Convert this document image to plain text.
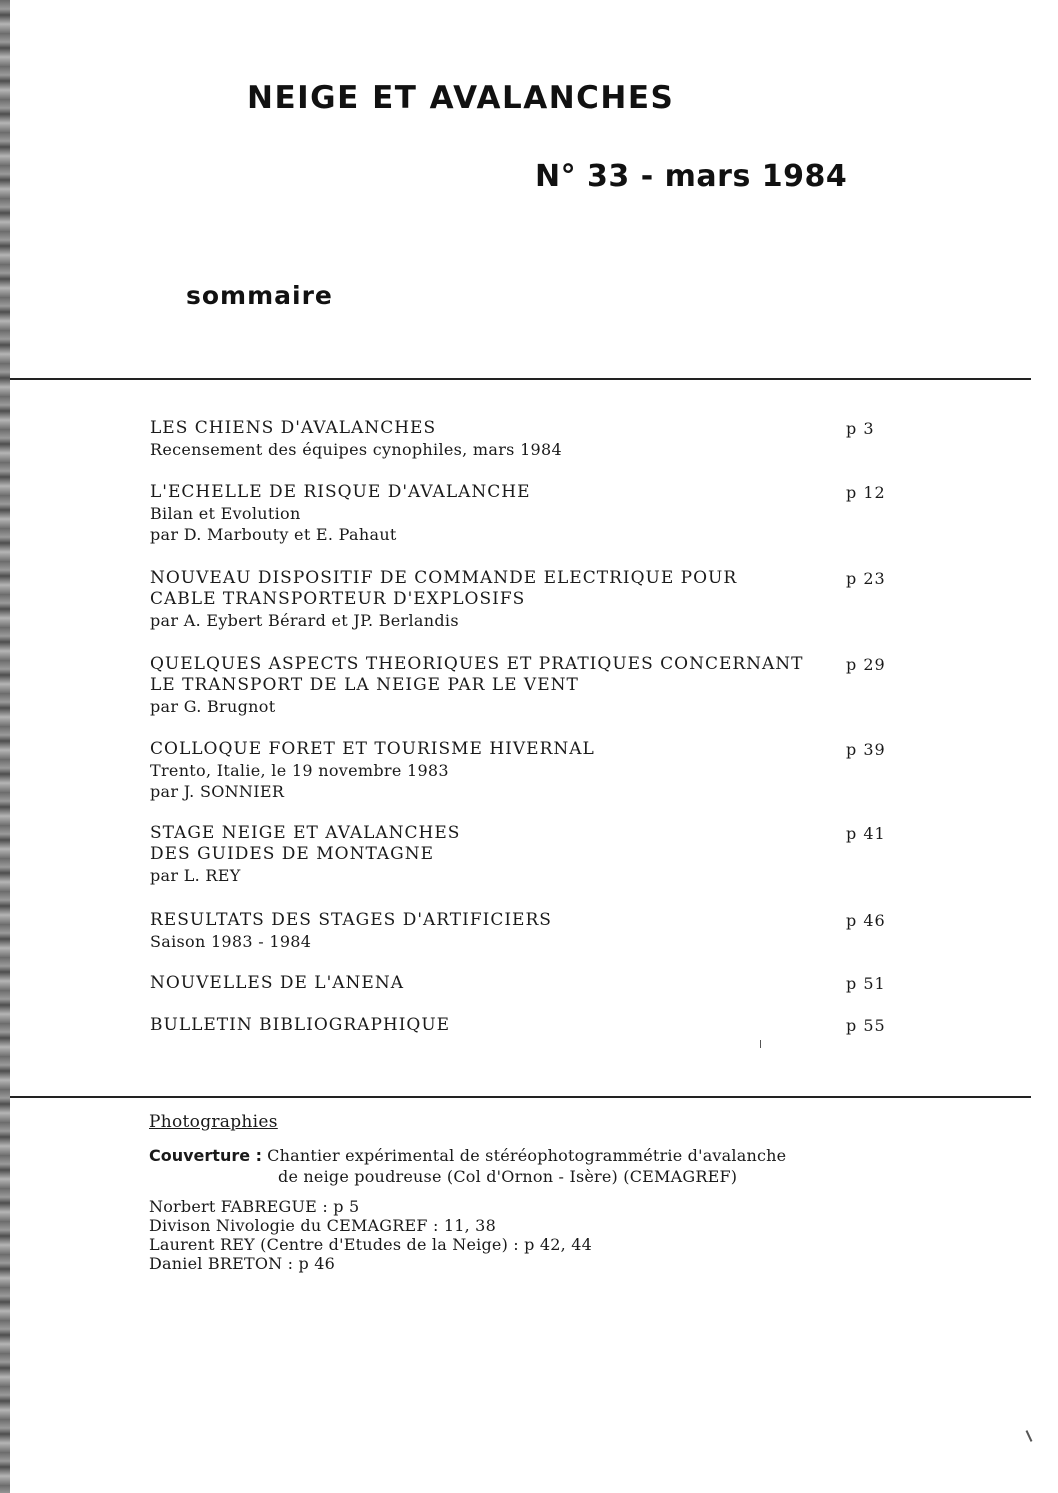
NEIGE ET AVALANCHES
N° 33 - mars 1984
sommaire
LES CHIENS D'AVALANCHES
Recensement des équipes cynophiles, mars 1984
p 3
L'ECHELLE DE RISQUE D'AVALANCHE
Bilan et Evolution
par D. Marbouty et E. Pahaut
p 12
NOUVEAU DISPOSITIF DE COMMANDE ELECTRIQUE POUR
CABLE TRANSPORTEUR D'EXPLOSIFS
par A. Eybert Bérard et JP. Berlandis
p 23
QUELQUES ASPECTS THEORIQUES ET PRATIQUES CONCERNANT
LE TRANSPORT DE LA NEIGE PAR LE VENT
par G. Brugnot
p 29
COLLOQUE FORET ET TOURISME HIVERNAL
Trento, Italie, le 19 novembre 1983
par J. SONNIER
p 39
STAGE NEIGE ET AVALANCHES
DES GUIDES DE MONTAGNE
par L. REY
p 41
RESULTATS DES STAGES D'ARTIFICIERS
Saison 1983 - 1984
p 46
NOUVELLES DE L'ANENA	p 51
BULLETIN BIBLIOGRAPHIQUE	p 55
Photographies
Couverture : Chantier expérimental de stéréophotogrammétrie d'avalanche
de neige poudreuse (Col d'Ornon - Isère) (CEMAGREF)
Norbert FABREGUE : p 5
Divison Nivologie du CEMAGREF : 11, 38
Laurent REY (Centre d'Etudes de la Neige) : p 42, 44
Daniel BRETON : p 46
